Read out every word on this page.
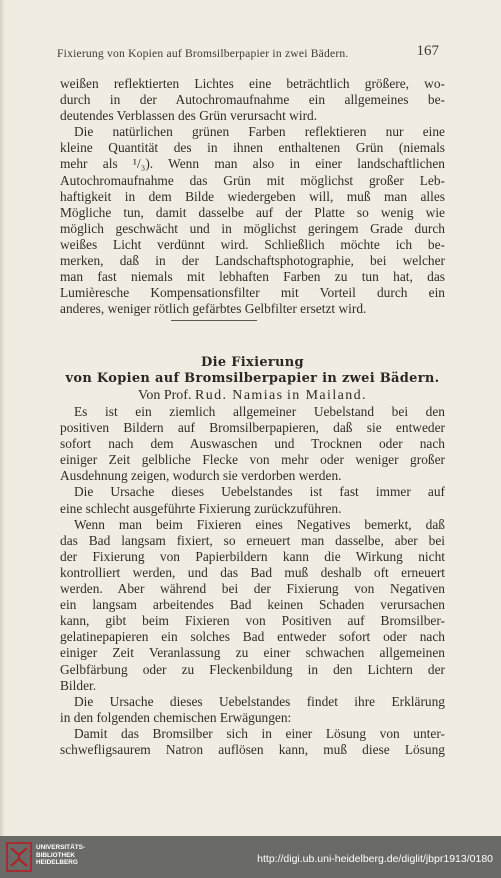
Fixierung von Kopien auf Bromsilberpapier in zwei Bädern.	167
weißen reflektierten Lichtes eine beträchtlich größere, wo-
durch in der Autochromaufnahme ein allgemeines be-
deutendes Verblassen des Grün verursacht wird.
Die natürlichen grünen Farben reflektieren nur eine
kleine Quantität des in ihnen enthaltenen Grün (niemals
mehr als ¹/₃). Wenn man also in einer landschaftlichen
Autochromaufnahme das Grün mit möglichst großer Leb-
haftigkeit in dem Bilde wiedergeben will, muß man alles
Mögliche tun, damit dasselbe auf der Platte so wenig wie
möglich geschwächt und in möglichst geringem Grade durch
weißes Licht verdünnt wird. Schließlich möchte ich be-
merken, daß in der Landschaftsphotographie, bei welcher
man fast niemals mit lebhaften Farben zu tun hat, das
Lumièresche Kompensationsfilter mit Vorteil durch ein
anderes, weniger rötlich gefärbtes Gelbfilter ersetzt wird.
Die Fixierung
von Kopien auf Bromsilberpapier in zwei Bädern.
Von Prof. Rud. Namias in Mailand.
Es ist ein ziemlich allgemeiner Uebelstand bei den
positiven Bildern auf Bromsilberpapieren, daß sie entweder
sofort nach dem Auswaschen und Trocknen oder nach
einiger Zeit gelbliche Flecke von mehr oder weniger großer
Ausdehnung zeigen, wodurch sie verdorben werden.
Die Ursache dieses Uebelstandes ist fast immer auf
eine schlecht ausgeführte Fixierung zurückzuführen.
Wenn man beim Fixieren eines Negatives bemerkt, daß
das Bad langsam fixiert, so erneuert man dasselbe, aber bei
der Fixierung von Papierbildern kann die Wirkung nicht
kontrolliert werden, und das Bad muß deshalb oft erneuert
werden. Aber während bei der Fixierung von Negativen
ein langsam arbeitendes Bad keinen Schaden verursachen
kann, gibt beim Fixieren von Positiven auf Bromsilber-
gelatinepapieren ein solches Bad entweder sofort oder nach
einiger Zeit Veranlassung zu einer schwachen allgemeinen
Gelbfärbung oder zu Fleckenbildung in den Lichtern der
Bilder.
Die Ursache dieses Uebelstandes findet ihre Erklärung
in den folgenden chemischen Erwägungen:
Damit das Bromsilber sich in einer Lösung von unter-
schwefligsaurem Natron auflösen kann, muß diese Lösung
UNIVERSITÄTS-
BIBLIOTHEK
HEIDELBERG	http://digi.ub.uni-heidelberg.de/diglit/jbpr1913/0180
